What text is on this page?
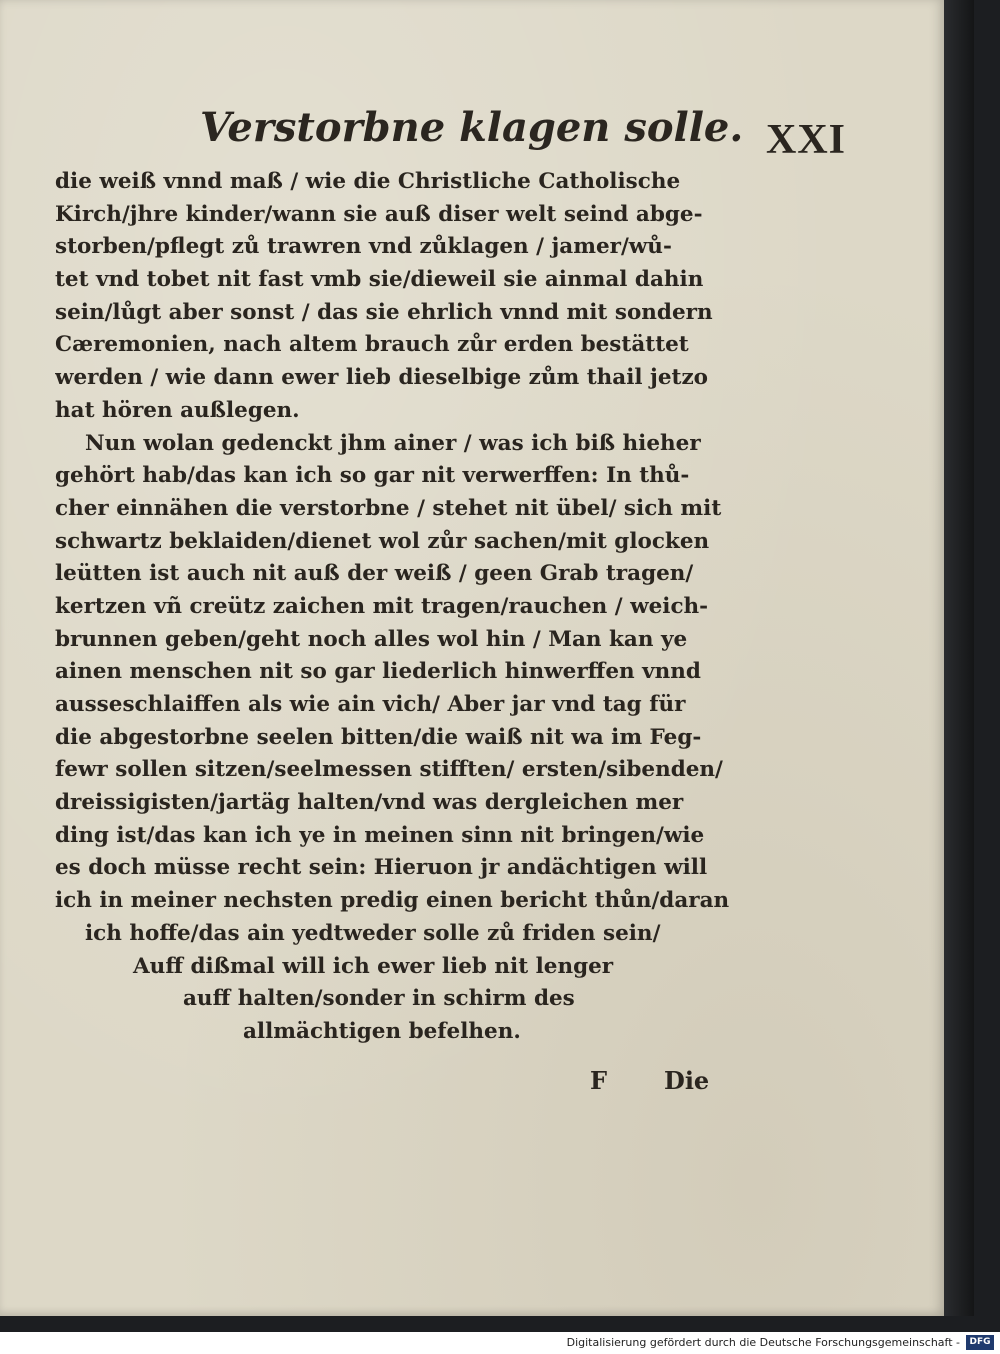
Verstorbne klagen solle. XXI
die weiß vnnd maß / wie die Christliche Catholische
Kirch/jhre kinder/wann sie auß diser welt seind abge-
storben/pflegt zů trawren vnd zůklagen / jamer/wů-
tet vnd tobet nit fast vmb sie/dieweil sie ainmal dahin
sein/lůgt aber sonst / das sie ehrlich vnnd mit sondern
Cæremonien, nach altem brauch zůr erden bestättet
werden / wie dann ewer lieb dieselbige zům thail jetzo
hat hören außlegen.
Nun wolan gedenckt jhm ainer / was ich biß hieher
gehört hab/das kan ich so gar nit verwerffen: In thů-
cher einnähen die verstorbne / stehet nit übel/ sich mit
schwartz beklaiden/dienet wol zůr sachen/mit glocken
leütten ist auch nit auß der weiß / geen Grab tragen/
kertzen vñ creütz zaichen mit tragen/rauchen / weich-
brunnen geben/geht noch alles wol hin / Man kan ye
ainen menschen nit so gar liederlich hinwerffen vnnd
ausseschlaiffen als wie ain vich/ Aber jar vnd tag für
die abgestorbne seelen bitten/die waiß nit wa im Feg-
fewr sollen sitzen/seelmessen stifften/ ersten/sibenden/
dreissigisten/jartäg halten/vnd was dergleichen mer
ding ist/das kan ich ye in meinen sinn nit bringen/wie
es doch müsse recht sein: Hieruon jr andächtigen will
ich in meiner nechsten predig einen bericht thůn/daran
ich hoffe/das ain yedtweder solle zů friden sein/
Auff dißmal will ich ewer lieb nit lenger
auff halten/sonder in schirm des
allmächtigen befelhen.
F Die
Digitalisierung gefördert durch die Deutsche Forschungsgemeinschaft -	DFG
